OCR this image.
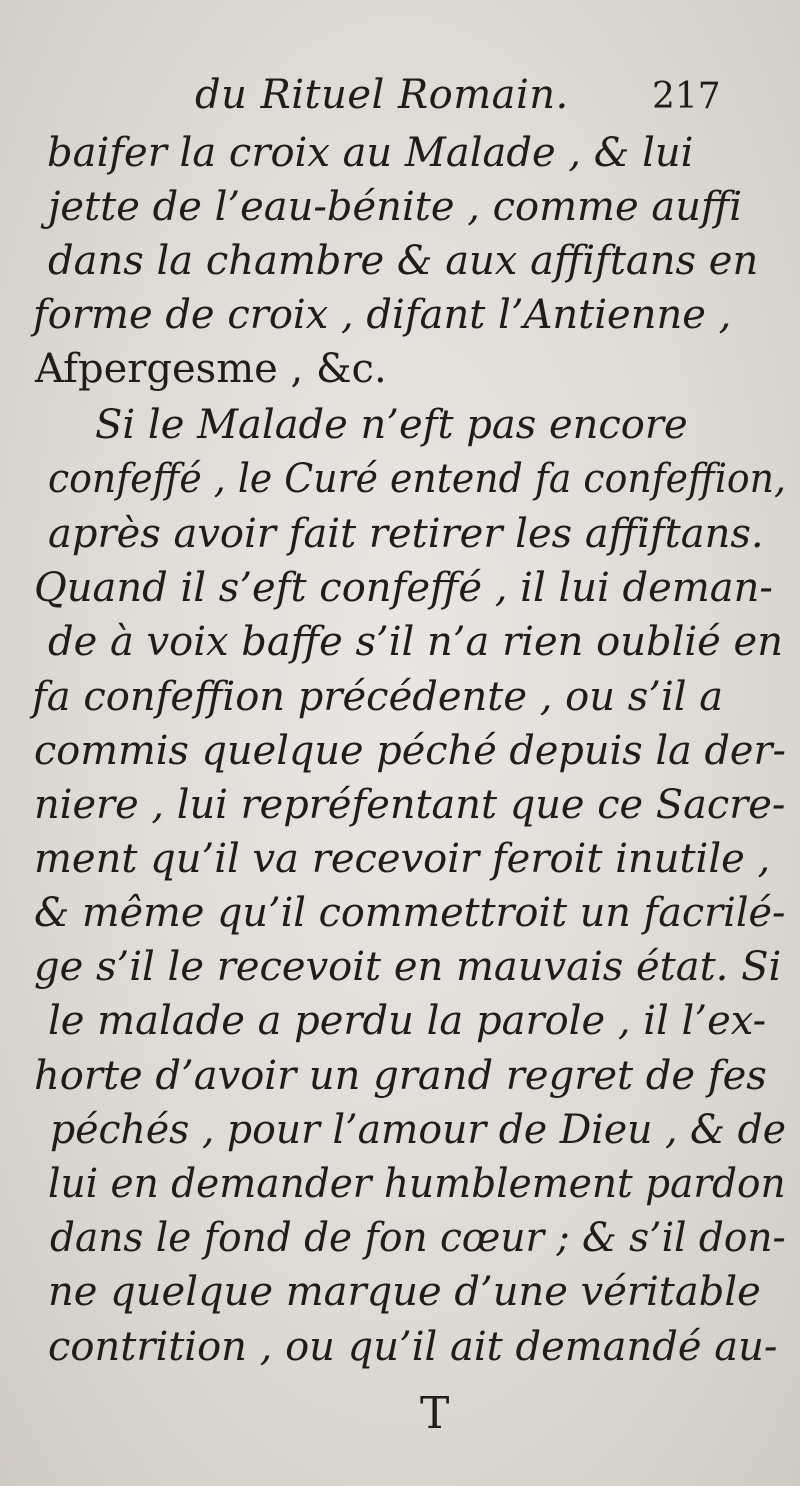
du Rituel Romain. 217
baifer la croix au Malade , & lui
jette de l’eau-bénite , comme auffi
dans la chambre & aux affiftans en
forme de croix , difant l’Antienne ,
Afpergesme , &c.
Si le Malade n’eft pas encore
confeffé , le Curé entend fa confeffion,
après avoir fait retirer les affiftans.
Quand il s’eft confeffé , il lui deman-
de à voix baffe s’il n’a rien oublié en
fa confeffion précédente , ou s’il a
commis quelque péché depuis la der-
niere , lui repréfentant que ce Sacre-
ment qu’il va recevoir feroit inutile ,
& même qu’il commettroit un facrilé-
ge s’il le recevoit en mauvais état. Si
le malade a perdu la parole , il l’ex-
horte d’avoir un grand regret de fes
péchés , pour l’amour de Dieu , & de
lui en demander humblement pardon
dans le fond de fon cœur ; & s’il don-
ne quelque marque d’une véritable
contrition , ou qu’il ait demandé au-
T
